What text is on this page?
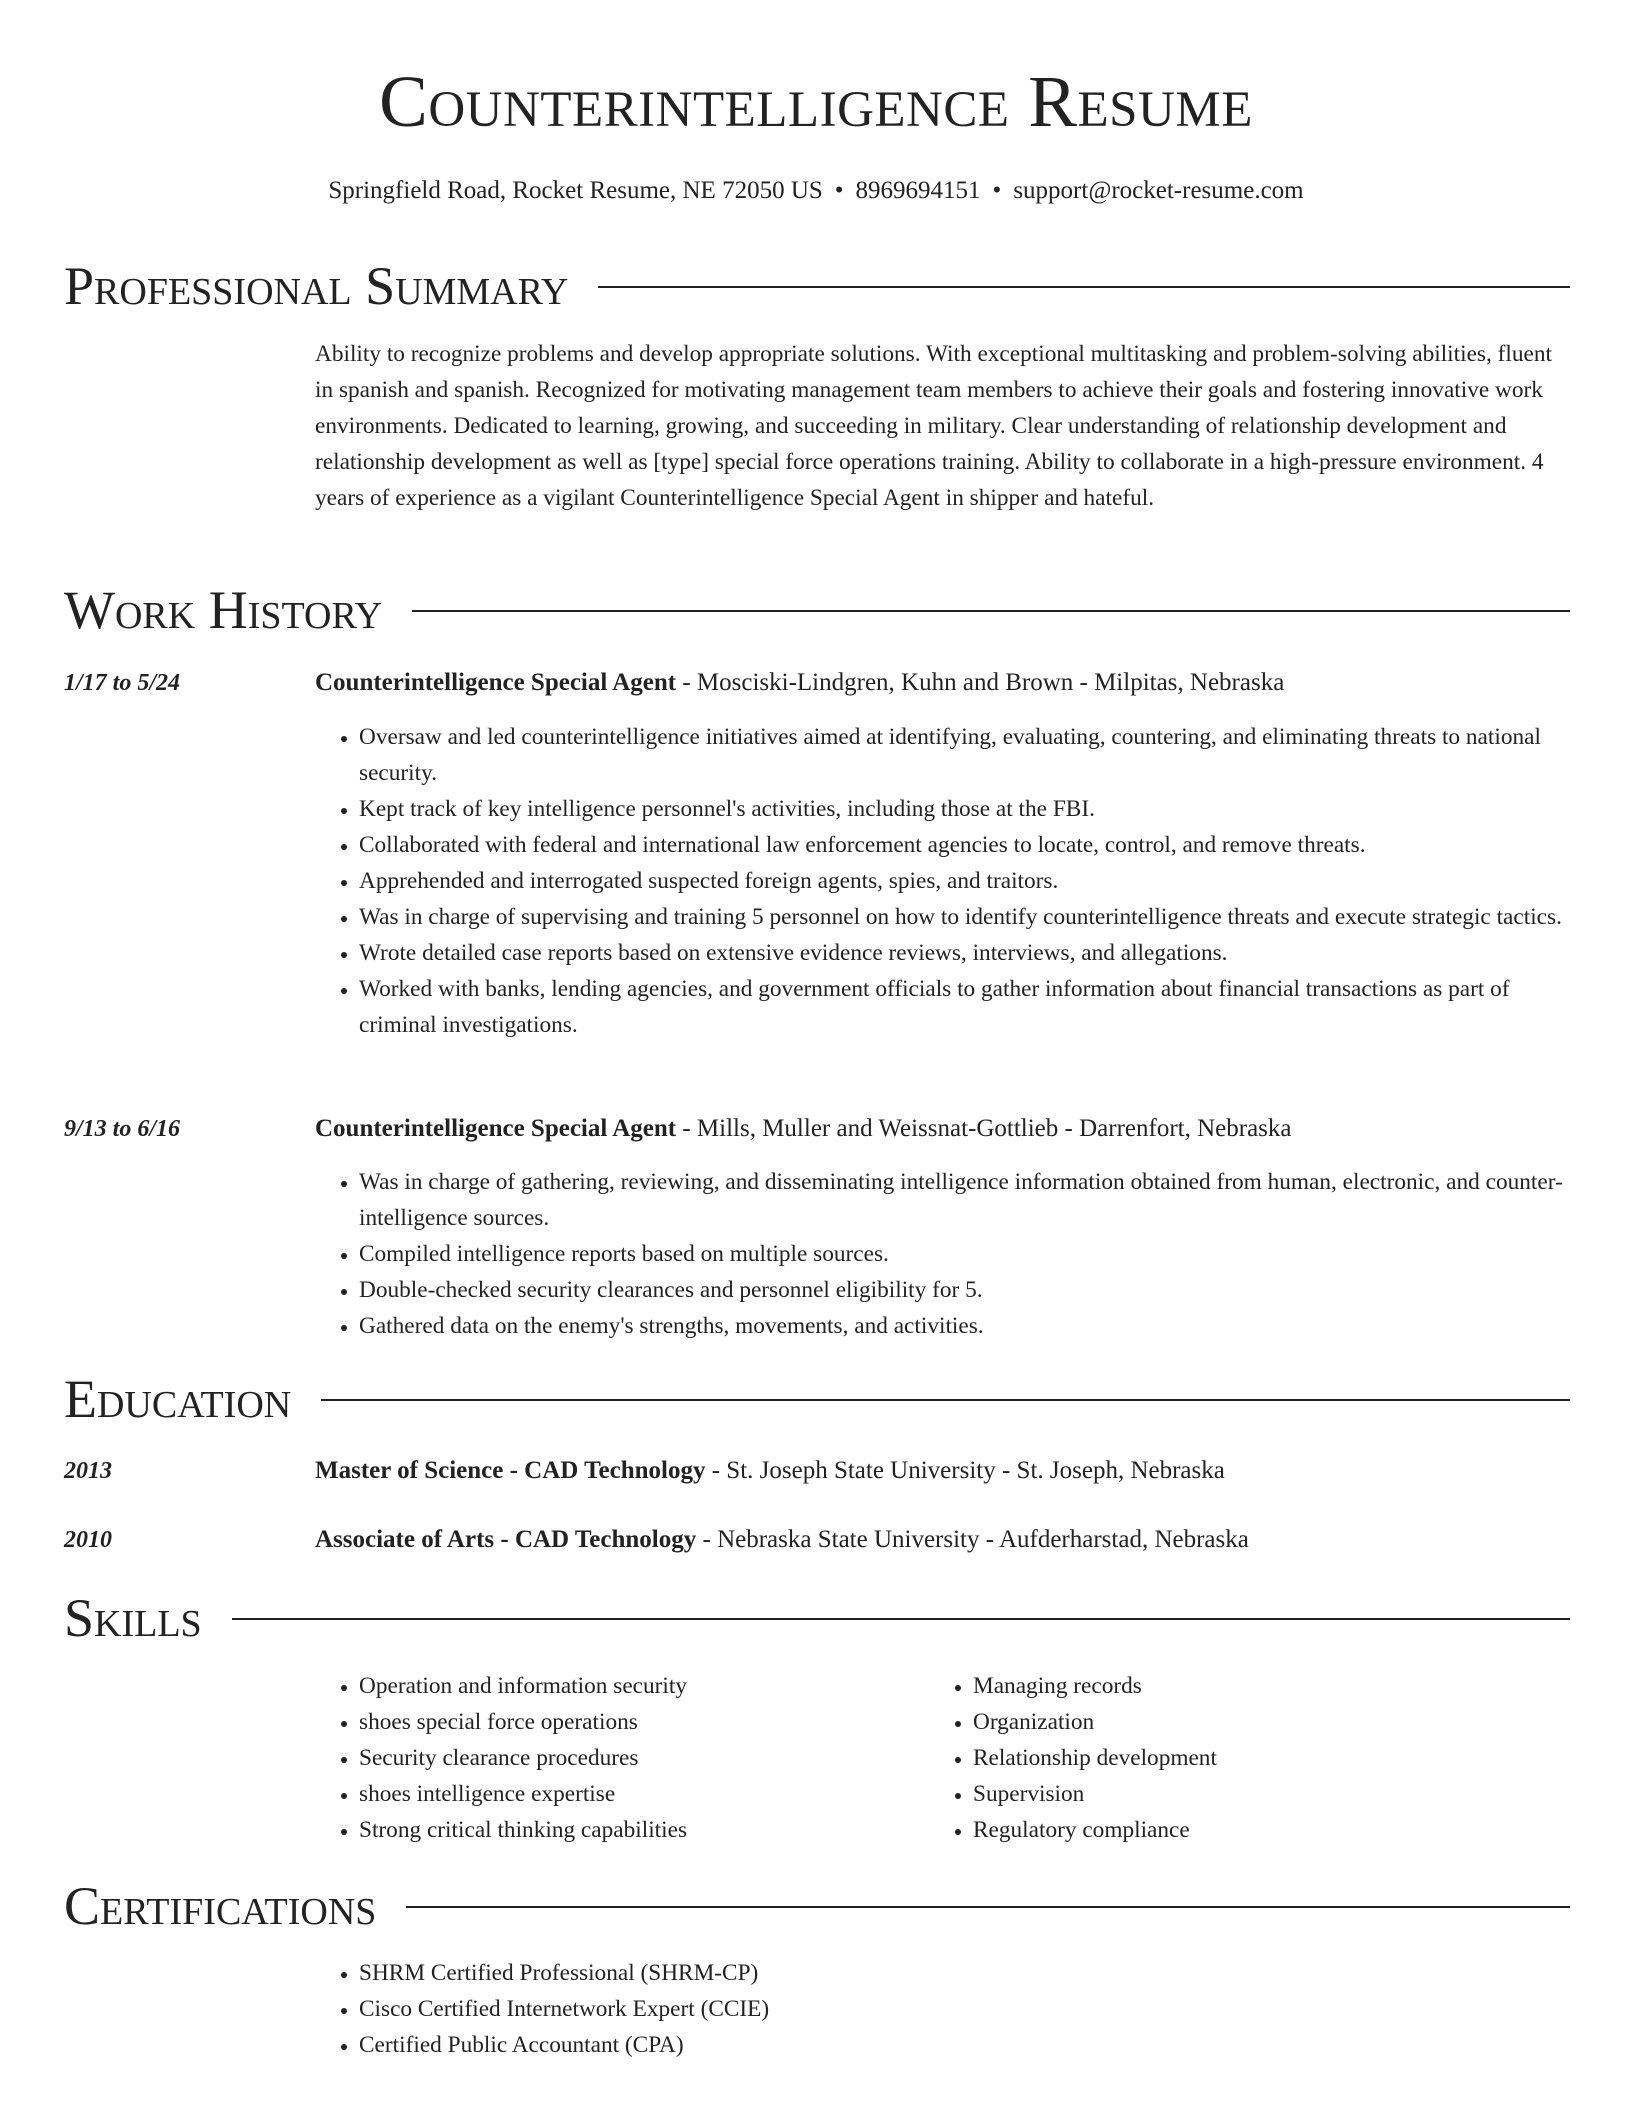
Counterintelligence Resume
Springfield Road, Rocket Resume, NE 72050 US • 8969694151 • support@rocket-resume.com
Professional Summary
Ability to recognize problems and develop appropriate solutions. With exceptional multitasking and problem-solving abilities, fluent in spanish and spanish. Recognized for motivating management team members to achieve their goals and fostering innovative work environments. Dedicated to learning, growing, and succeeding in military. Clear understanding of relationship development and relationship development as well as [type] special force operations training. Ability to collaborate in a high-pressure environment. 4 years of experience as a vigilant Counterintelligence Special Agent in shipper and hateful.
Work History
1/17 to 5/24	Counterintelligence Special Agent - Mosciski-Lindgren, Kuhn and Brown - Milpitas, Nebraska
• Oversaw and led counterintelligence initiatives aimed at identifying, evaluating, countering, and eliminating threats to national security.
• Kept track of key intelligence personnel's activities, including those at the FBI.
• Collaborated with federal and international law enforcement agencies to locate, control, and remove threats.
• Apprehended and interrogated suspected foreign agents, spies, and traitors.
• Was in charge of supervising and training 5 personnel on how to identify counterintelligence threats and execute strategic tactics.
• Wrote detailed case reports based on extensive evidence reviews, interviews, and allegations.
• Worked with banks, lending agencies, and government officials to gather information about financial transactions as part of criminal investigations.
9/13 to 6/16	Counterintelligence Special Agent - Mills, Muller and Weissnat-Gottlieb - Darrenfort, Nebraska
• Was in charge of gathering, reviewing, and disseminating intelligence information obtained from human, electronic, and counter-intelligence sources.
• Compiled intelligence reports based on multiple sources.
• Double-checked security clearances and personnel eligibility for 5.
• Gathered data on the enemy's strengths, movements, and activities.
Education
2013	Master of Science - CAD Technology - St. Joseph State University - St. Joseph, Nebraska
2010	Associate of Arts - CAD Technology - Nebraska State University - Aufderharstad, Nebraska
Skills
• Operation and information security
• shoes special force operations
• Security clearance procedures
• shoes intelligence expertise
• Strong critical thinking capabilities
• Managing records
• Organization
• Relationship development
• Supervision
• Regulatory compliance
Certifications
• SHRM Certified Professional (SHRM-CP)
• Cisco Certified Internetwork Expert (CCIE)
• Certified Public Accountant (CPA)
